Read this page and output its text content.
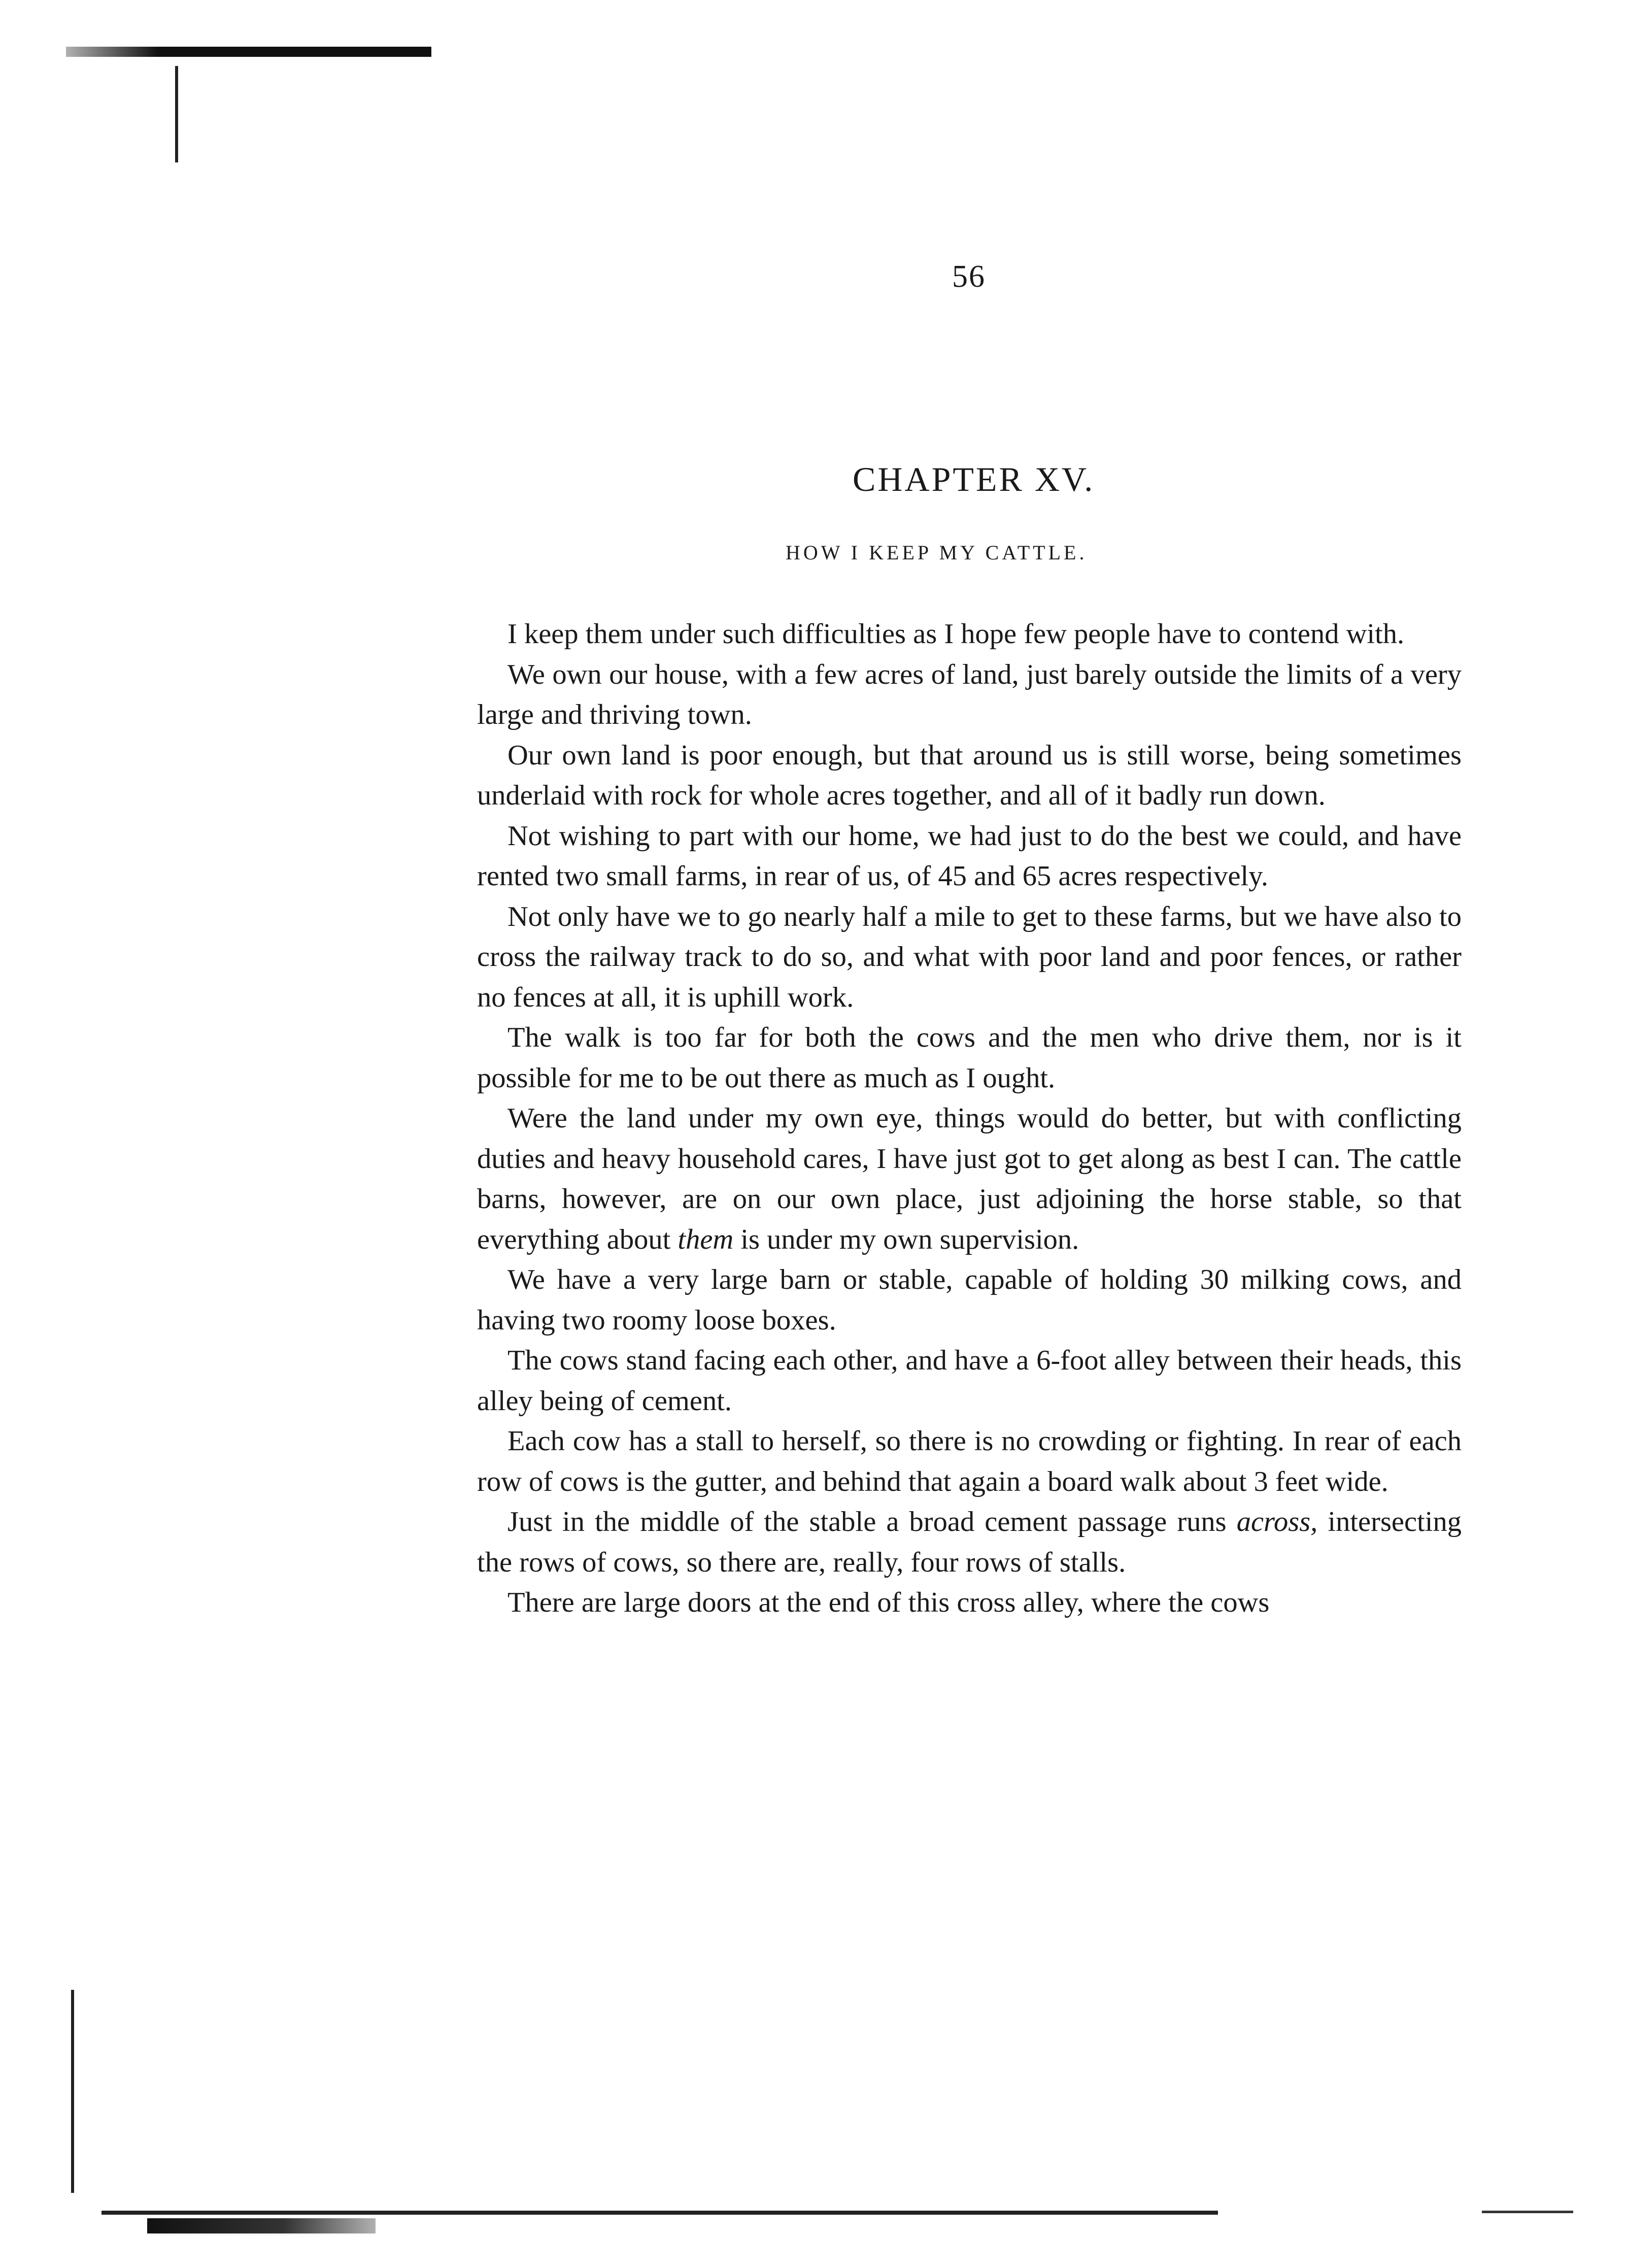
56
CHAPTER XV.
HOW I KEEP MY CATTLE.

I keep them under such difficulties as I hope few people have to contend with.

We own our house, with a few acres of land, just barely outside the limits of a very large and thriving town.

Our own land is poor enough, but that around us is still worse, being sometimes underlaid with rock for whole acres together, and all of it badly run down.

Not wishing to part with our home, we had just to do the best we could, and have rented two small farms, in rear of us, of 45 and 65 acres respectively.

Not only have we to go nearly half a mile to get to these farms, but we have also to cross the railway track to do so, and what with poor land and poor fences, or rather no fences at all, it is uphill work.

The walk is too far for both the cows and the men who drive them, nor is it possible for me to be out there as much as I ought.

Were the land under my own eye, things would do better, but with conflicting duties and heavy household cares, I have just got to get along as best I can. The cattle barns, however, are on our own place, just adjoining the horse stable, so that everything about them is under my own supervision.

We have a very large barn or stable, capable of holding 30 milking cows, and having two roomy loose boxes.

The cows stand facing each other, and have a 6-foot alley between their heads, this alley being of cement.

Each cow has a stall to herself, so there is no crowding or fighting. In rear of each row of cows is the gutter, and behind that again a board walk about 3 feet wide.

Just in the middle of the stable a broad cement passage runs across, intersecting the rows of cows, so there are, really, four rows of stalls.

There are large doors at the end of this cross alley, where the cows
